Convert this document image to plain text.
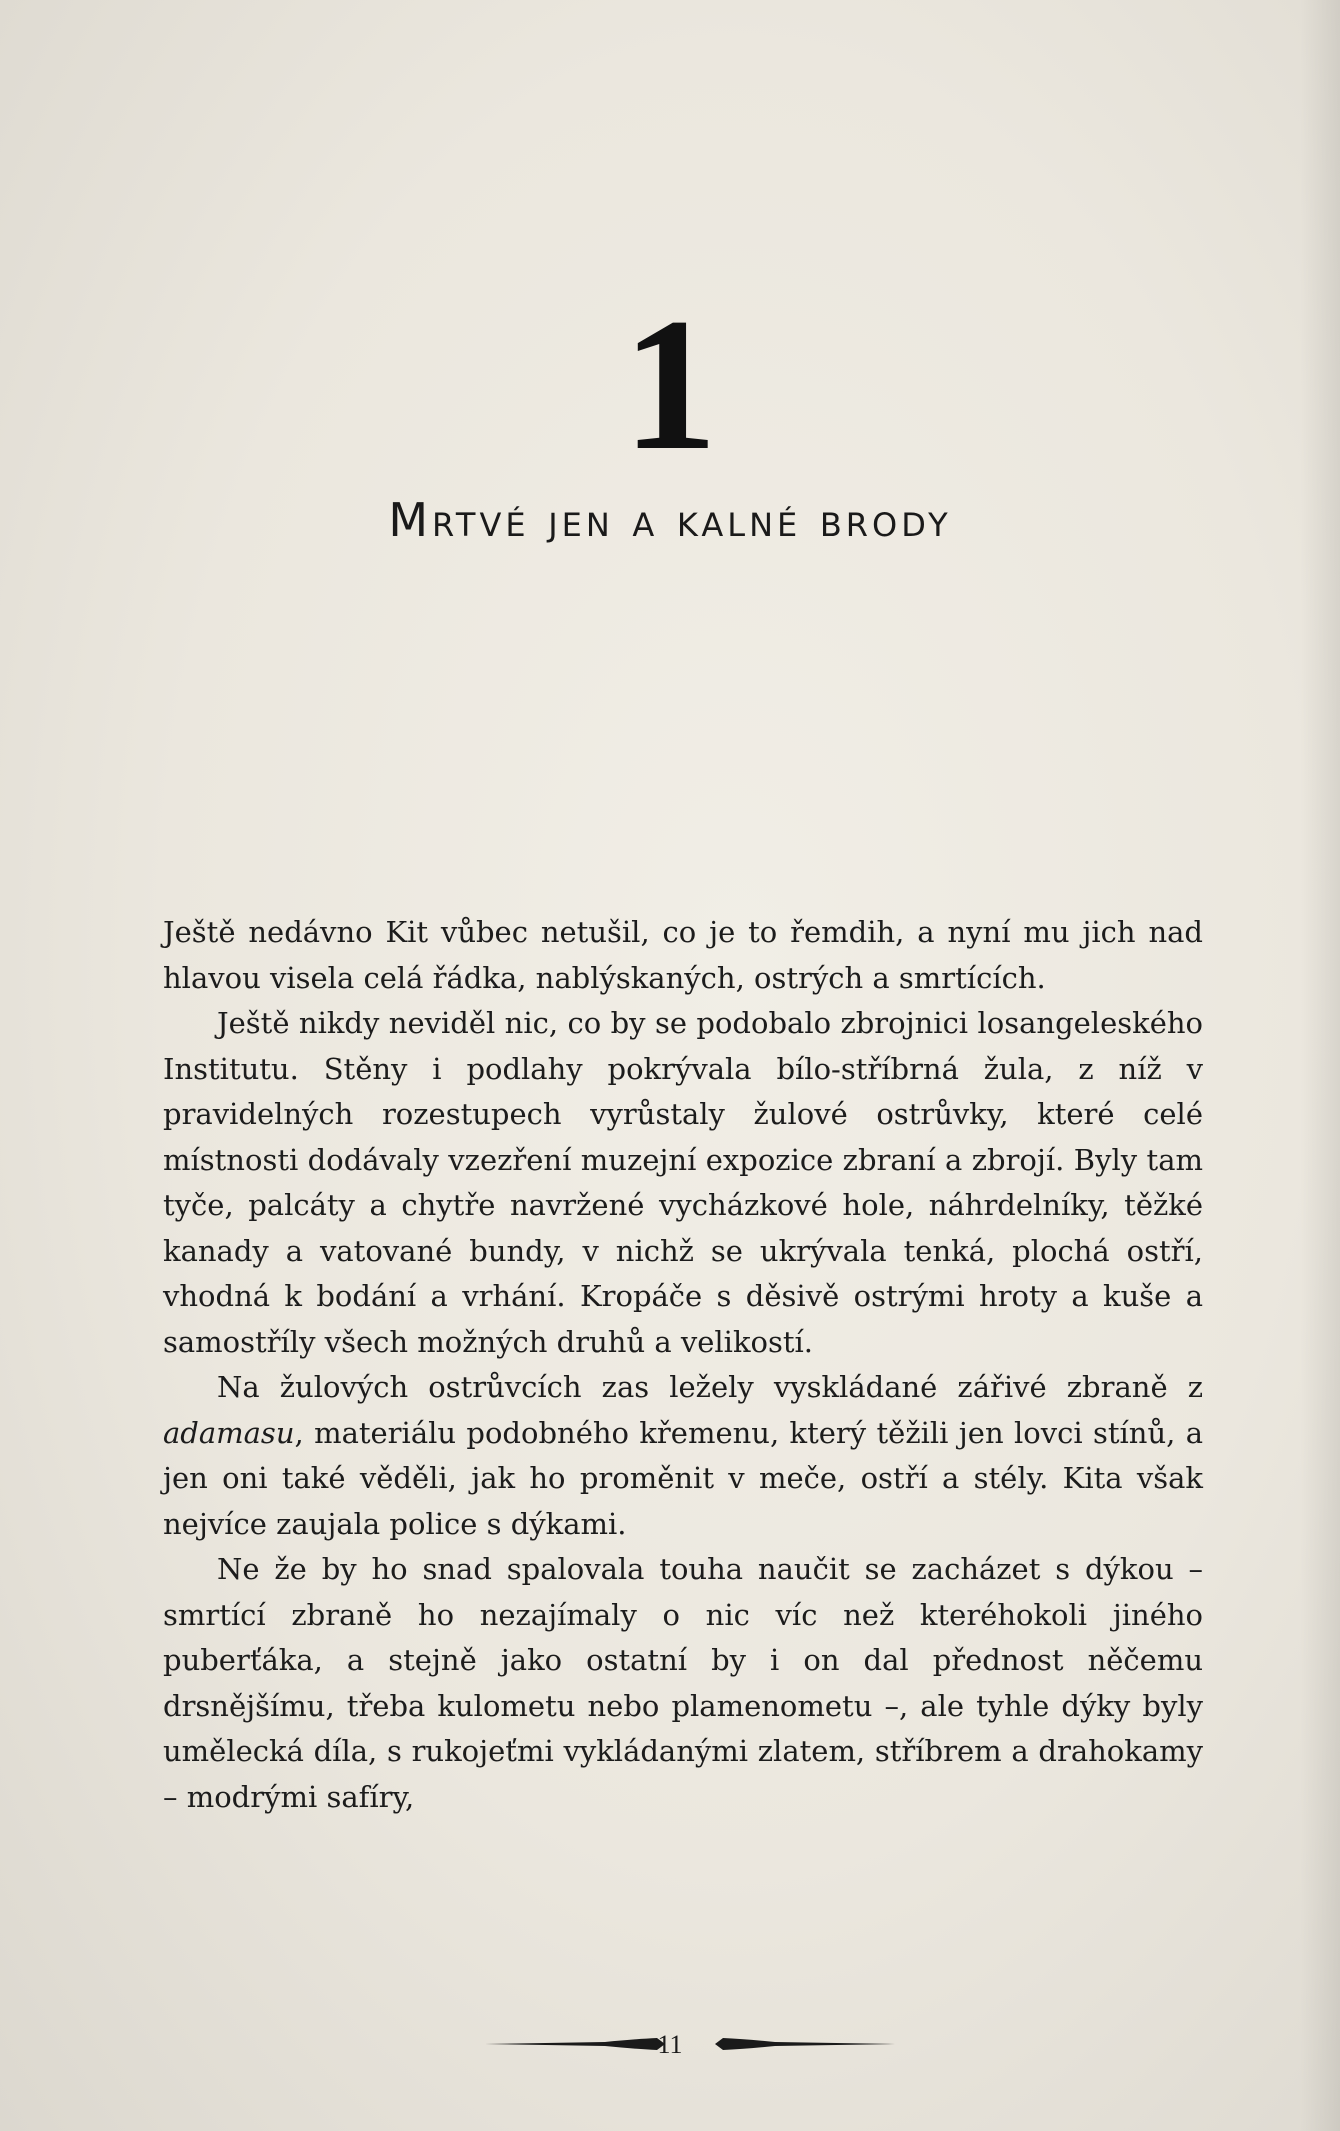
1
Mrtvé jen a kalné brody

Ještě nedávno Kit vůbec netušil, co je to řemdih, a nyní mu jich nad hlavou visela celá řádka, nablýskaných, ostrých a smrtících.

Ještě nikdy neviděl nic, co by se podobalo zbrojnici losangeleského Institutu. Stěny i podlahy pokrývala bílo-stříbrná žula, z níž v pravidelných rozestupech vyrůstaly žulové ostrůvky, které celé místnosti dodávaly vzezření muzejní expozice zbraní a zbrojí. Byly tam tyče, palcáty a chytře navržené vycházkové hole, náhrdelníky, těžké kanady a vatované bundy, v nichž se ukrývala tenká, plochá ostří, vhodná k bodání a vrhání. Kropáče s děsivě ostrými hroty a kuše a samostříly všech možných druhů a velikostí.

Na žulových ostrůvcích zas ležely vyskládané zářivé zbraně z adamasu, materiálu podobného křemenu, který těžili jen lovci stínů, a jen oni také věděli, jak ho proměnit v meče, ostří a stély. Kita však nejvíce zaujala police s dýkami.

Ne že by ho snad spalovala touha naučit se zacházet s dýkou – smrtící zbraně ho nezajímaly o nic víc než kteréhokoli jiného puberťáka, a stejně jako ostatní by i on dal přednost něčemu drsnějšímu, třeba kulometu nebo plamenometu –, ale tyhle dýky byly umělecká díla, s rukojeťmi vykládanými zlatem, stříbrem a drahokamy – modrými safíry,

11
